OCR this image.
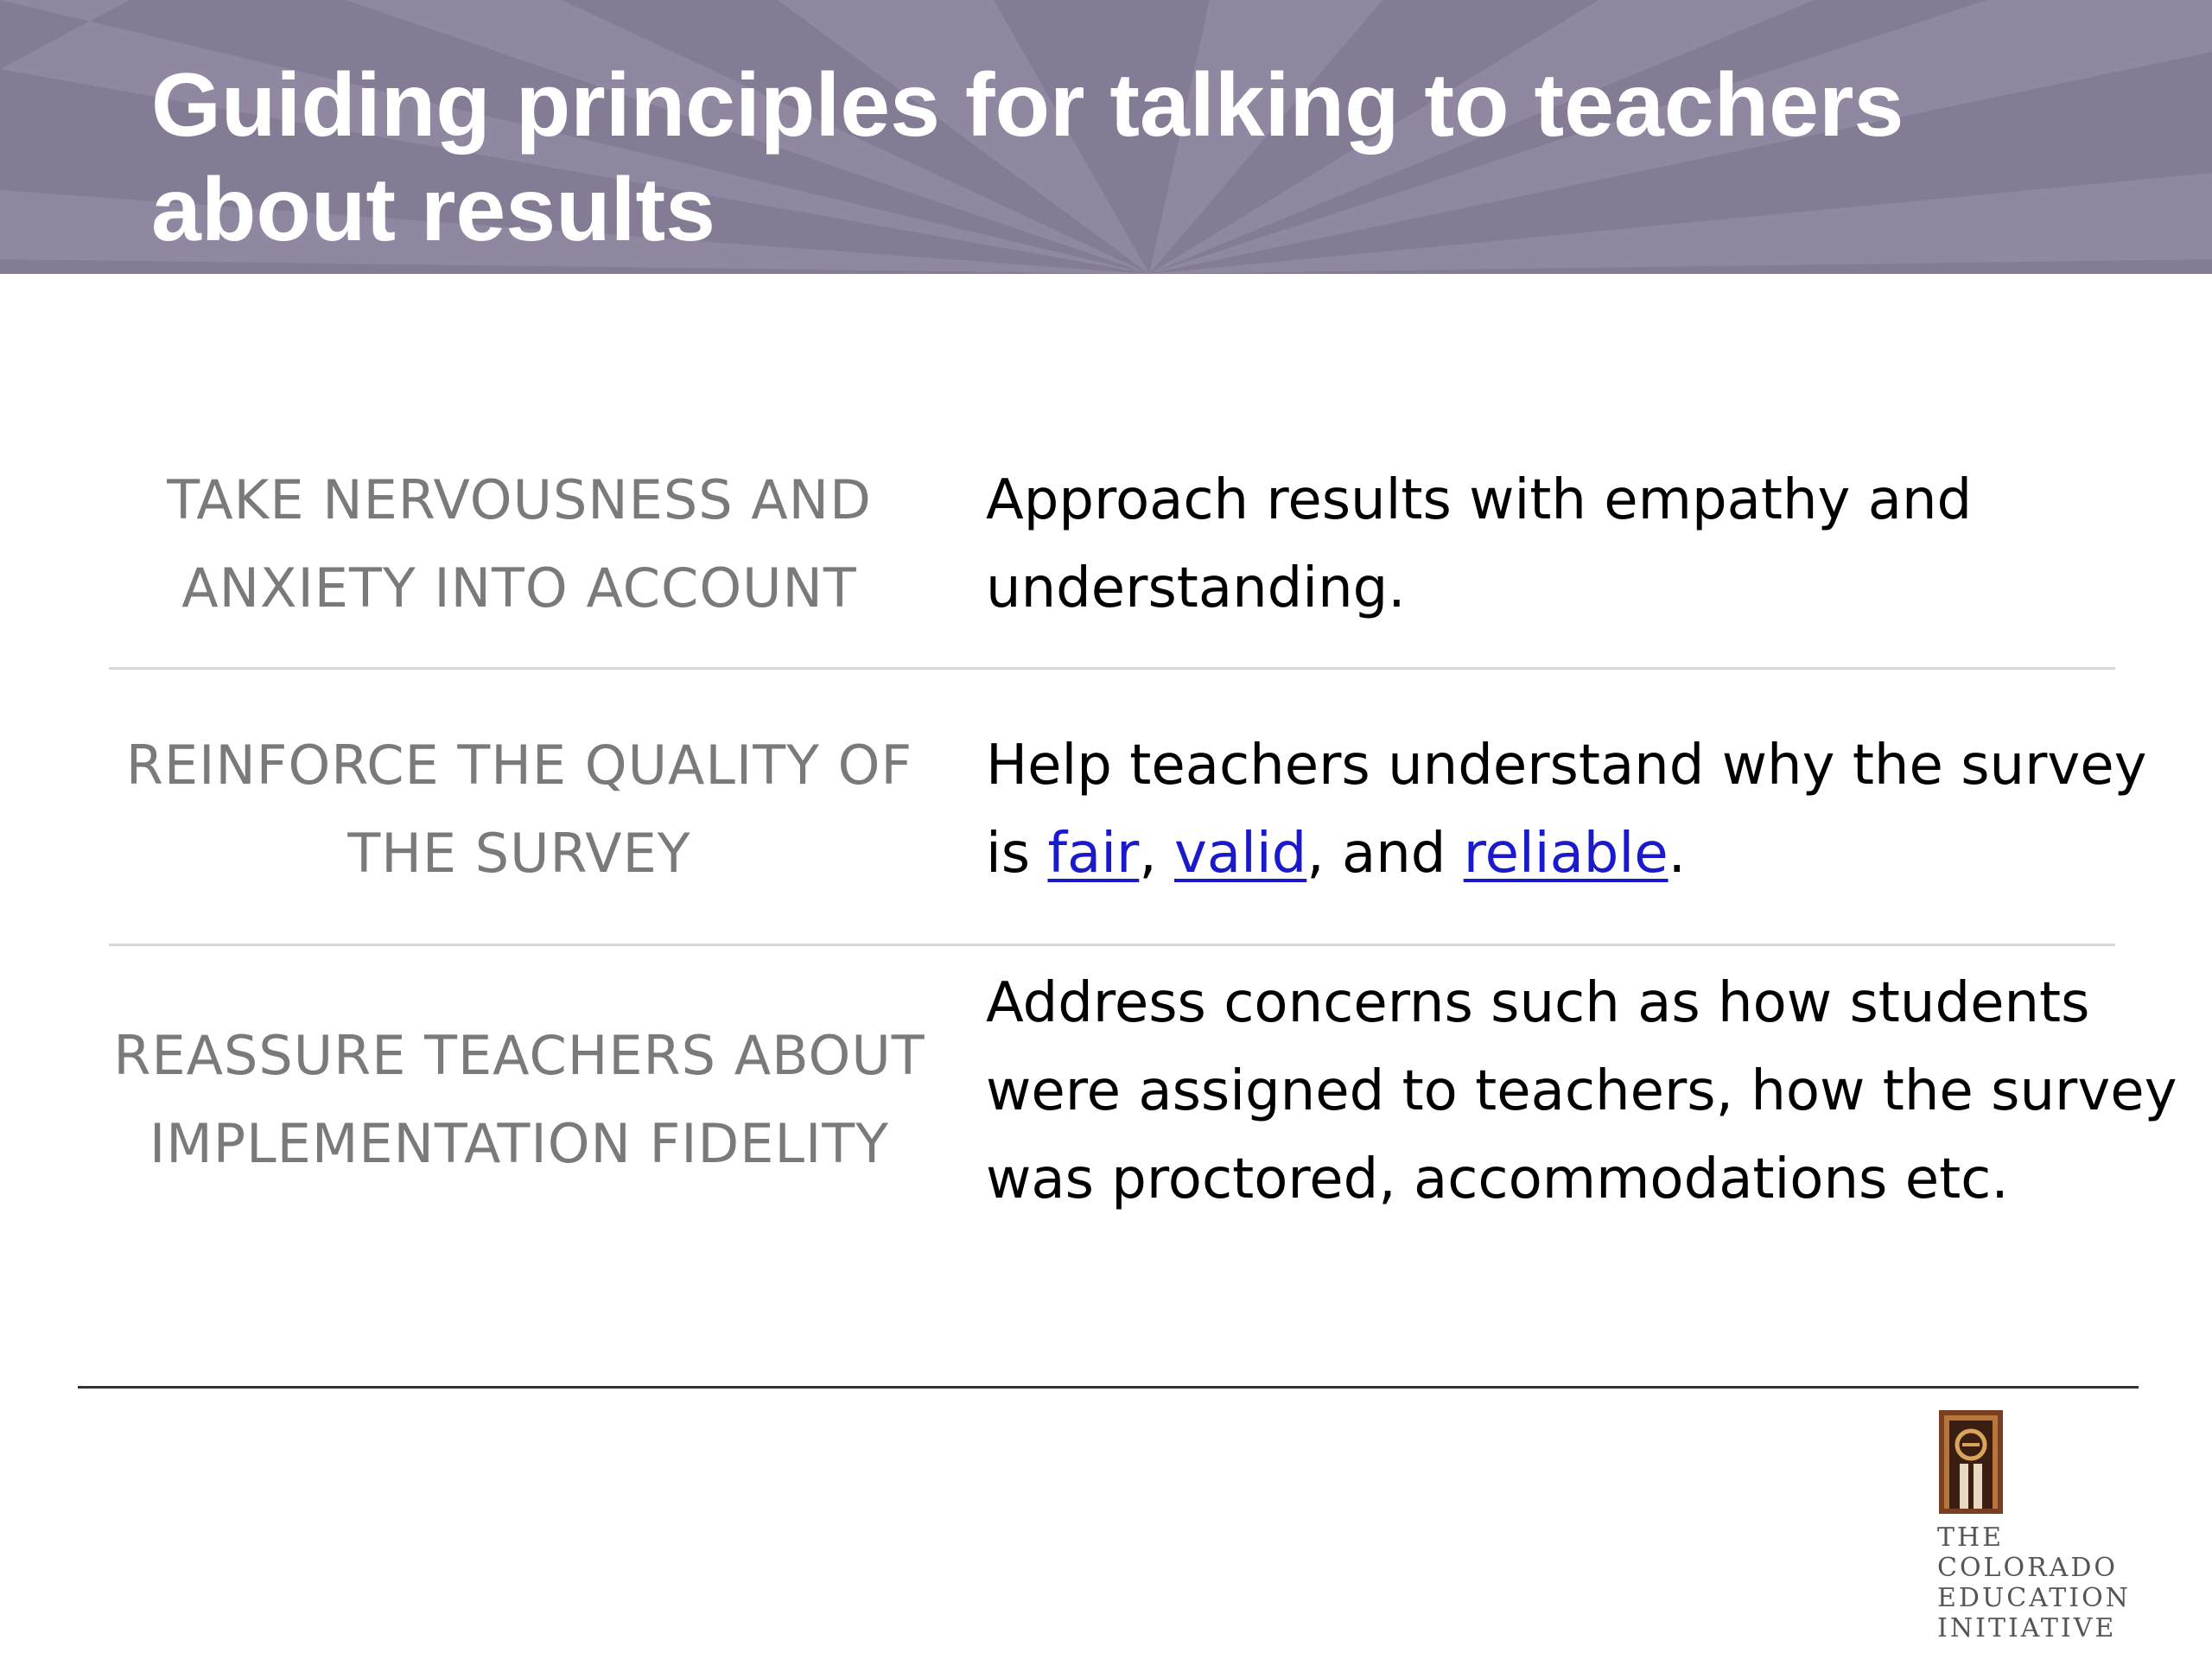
Guiding principles for talking to teachers about results
TAKE NERVOUSNESS AND ANXIETY INTO ACCOUNT
Approach results with empathy and understanding.
REINFORCE THE QUALITY OF THE SURVEY
Help teachers understand why the survey is fair, valid, and reliable.
REASSURE TEACHERS ABOUT IMPLEMENTATION FIDELITY
Address concerns such as how students were assigned to teachers, how the survey was proctored, accommodations etc.
THE
COLORADO
EDUCATION
INITIATIVE
